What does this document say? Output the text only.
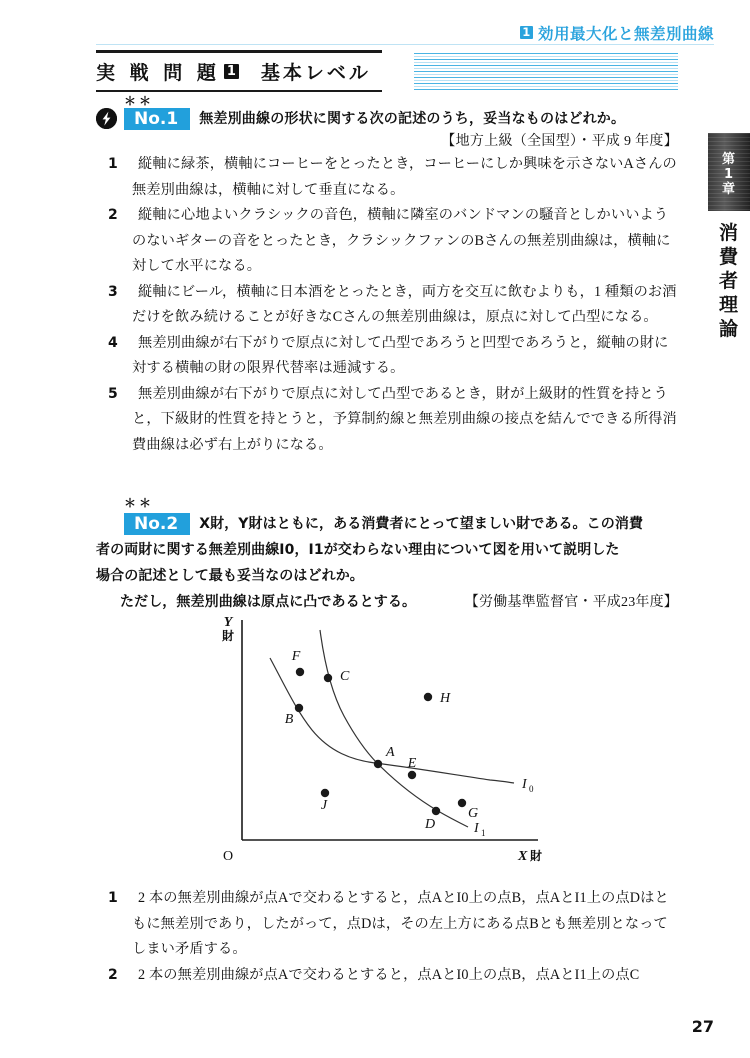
1 効用最大化と無差別曲線
実 戦 問 題 1 基本レベル
＊＊
No.1 無差別曲線の形状に関する次の記述のうち，妥当なものはどれか。
【地方上級（全国型）・平成 9 年度】
1	縦軸に緑茶，横軸にコーヒーをとったとき，コーヒーにしか興味を示さないAさんの無差別曲線は，横軸に対して垂直になる。
2	縦軸に心地よいクラシックの音色，横軸に隣室のバンドマンの騒音としかいいようのないギターの音をとったとき，クラシックファンのBさんの無差別曲線は，横軸に対して水平になる。
3	縦軸にビール，横軸に日本酒をとったとき，両方を交互に飲むよりも，1 種類のお酒だけを飲み続けることが好きなCさんの無差別曲線は，原点に対して凸型になる。
4	無差別曲線が右下がりで原点に対して凸型であろうと凹型であろうと，縦軸の財に対する横軸の財の限界代替率は逓減する。
5	無差別曲線が右下がりで原点に対して凸型であるとき，財が上級財的性質を持とうと，下級財的性質を持とうと，予算制約線と無差別曲線の接点を結んでできる所得消費曲線は必ず右上がりになる。
＊＊
No.2 X財，Y財はともに，ある消費者にとって望ましい財である。この消費
者の両財に関する無差別曲線I0，I1が交わらない理由について図を用いて説明した
場合の記述として最も妥当なのはどれか。
ただし，無差別曲線は原点に凸であるとする。	【労働基準監督官・平成23年度】
Y
財
O	X 財
I 0
I 1
F
C
H
B
A
E
J
G
D
1	2 本の無差別曲線が点Aで交わるとすると，点AとI0上の点B，点AとI1上の点Dはともに無差別であり，したがって，点Dは，その左上方にある点Bとも無差別となってしまい矛盾する。
2	2 本の無差別曲線が点Aで交わるとすると，点AとI0上の点B，点AとI1上の点C
第
1
章
消
費
者
理
論
27
